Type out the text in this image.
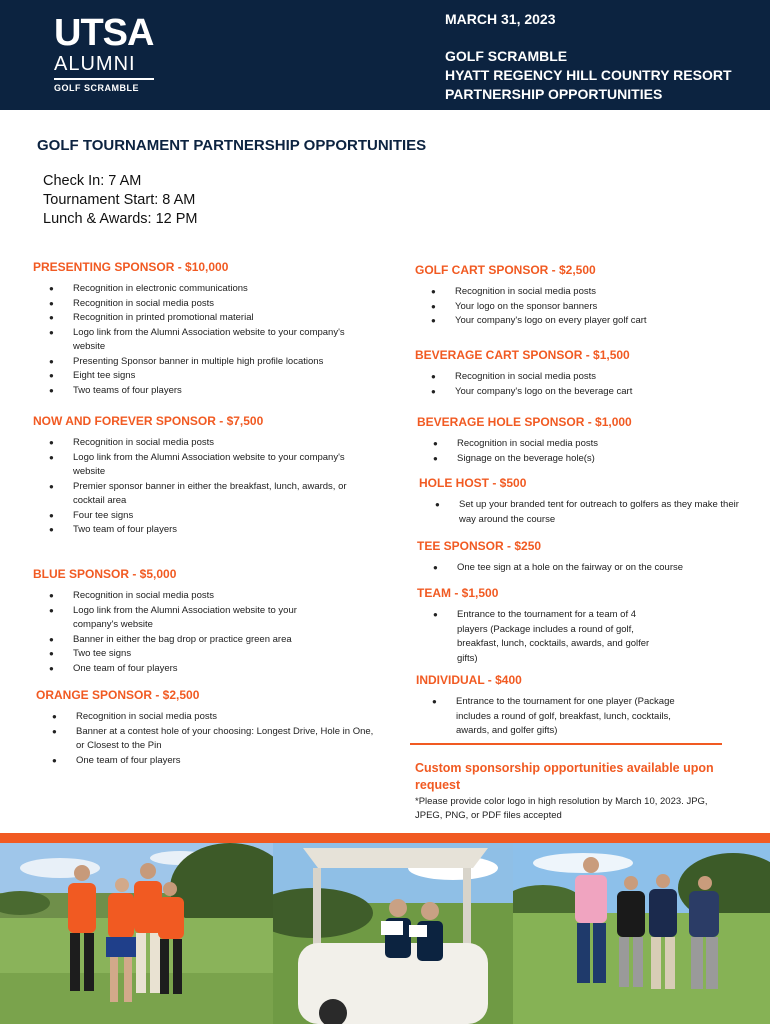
UTSA
ALUMNI
GOLF SCRAMBLE
MARCH 31, 2023
GOLF SCRAMBLE
HYATT REGENCY HILL COUNTRY RESORT
PARTNERSHIP OPPORTUNITIES
GOLF TOURNAMENT PARTNERSHIP OPPORTUNITIES
Check In: 7 AM
Tournament Start: 8 AM
Lunch & Awards: 12 PM
PRESENTING SPONSOR - $10,000
● Recognition in electronic communications
● Recognition in social media posts
● Recognition in printed promotional material
● Logo link from the Alumni Association website to your company's website
● Presenting Sponsor banner in multiple high profile locations
● Eight tee signs
● Two teams of four players
NOW AND FOREVER SPONSOR - $7,500
● Recognition in social media posts
● Logo link from the Alumni Association website to your company's website
● Premier sponsor banner in either the breakfast, lunch, awards, or cocktail area
● Four tee signs
● Two team of four players
BLUE SPONSOR - $5,000
● Recognition in social media posts
● Logo link from the Alumni Association website to your company's website
● Banner in either the bag drop or practice green area
● Two tee signs
● One team of four players
ORANGE SPONSOR - $2,500
● Recognition in social media posts
● Banner at a contest hole of your choosing: Longest Drive, Hole in One, or Closest to the Pin
● One team of four players
GOLF CART SPONSOR - $2,500
● Recognition in social media posts
● Your logo on the sponsor banners
● Your company's logo on every player golf cart
BEVERAGE CART SPONSOR - $1,500
● Recognition in social media posts
● Your company's logo on the beverage cart
BEVERAGE HOLE SPONSOR - $1,000
● Recognition in social media posts
● Signage on the beverage hole(s)
HOLE HOST - $500
● Set up your branded tent for outreach to golfers as they make their way around the course
TEE SPONSOR - $250
● One tee sign at a hole on the fairway or on the course
TEAM - $1,500
● Entrance to the tournament for a team of 4 players (Package includes a round of golf, breakfast, lunch, cocktails, awards, and golfer gifts)
INDIVIDUAL - $400
● Entrance to the tournament for one player (Package includes a round of golf, breakfast, lunch, cocktails, awards, and golfer gifts)
Custom sponsorship opportunities available upon request
*Please provide color logo in high resolution by March 10, 2023. JPG, JPEG, PNG, or PDF files accepted
